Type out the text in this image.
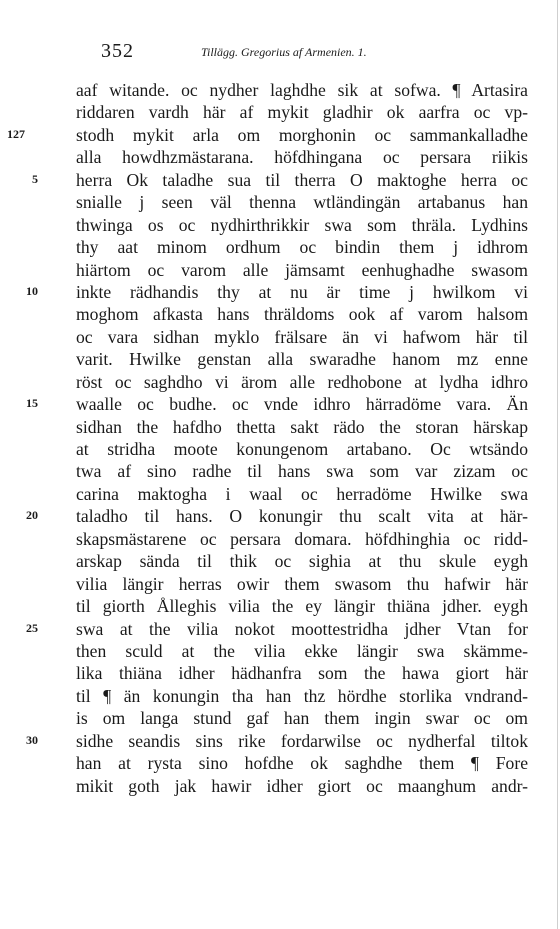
352	Tillägg. Gregorius af Armenien. 1.
aaf witande. oc nydher laghdhe sik at sofwa. ¶ Artasira
riddaren vardh här af mykit gladhir ok aarfra oc vp-
127	stodh mykit arla om morghonin oc sammankalladhe
alla howdhzmästarana. höfdhingana oc persara riikis
5 herra Ok taladhe sua til therra O maktoghe herra oc
snialle j seen väl thenna wtländingän artabanus han
thwinga os oc nydhirthrikkir swa som thräla. Lydhins
thy aat minom ordhum oc bindin them j idhrom
hiärtom oc varom alle jämsamt eenhughadhe swasom
10 inkte rädhandis thy at nu är time j hwilkom vi
moghom afkasta hans thräldoms ook af varom halsom
oc vara sidhan myklo frälsare än vi hafwom här til
varit. Hwilke genstan alla swaradhe hanom mz enne
röst oc saghdho vi ärom alle redhobone at lydha idhro
15 waalle oc budhe. oc vnde idhro härradöme vara. Än
sidhan the hafdho thetta sakt rädo the storan härskap
at stridha moote konungenom artabano. Oc wtsändo
twa af sino radhe til hans swa som var zizam oc
carina maktogha i waal oc herradöme Hwilke swa
20 taladho til hans. O konungir thu scalt vita at här-
skapsmästarene oc persara domara. höfdhinghia oc ridd-
arskap sända til thik oc sighia at thu skule eygh
vilia längir herras owir them swasom thu hafwir här
til giorth Ålleghis vilia the ey längir thiäna jdher. eygh
25 swa at the vilia nokot moottestridha jdher Vtan for
then sculd at the vilia ekke längir swa skämme-
lika thiäna idher hädhanfra som the hawa giort här
til ¶ än konungin tha han thz hördhe storlika vndrand-
is om langa stund gaf han them ingin swar oc om
30 sidhe seandis sins rike fordarwilse oc nydherfal tiltok
han at rysta sino hofdhe ok saghdhe them ¶ Fore
mikit goth jak hawir idher giort oc maanghum andr-
